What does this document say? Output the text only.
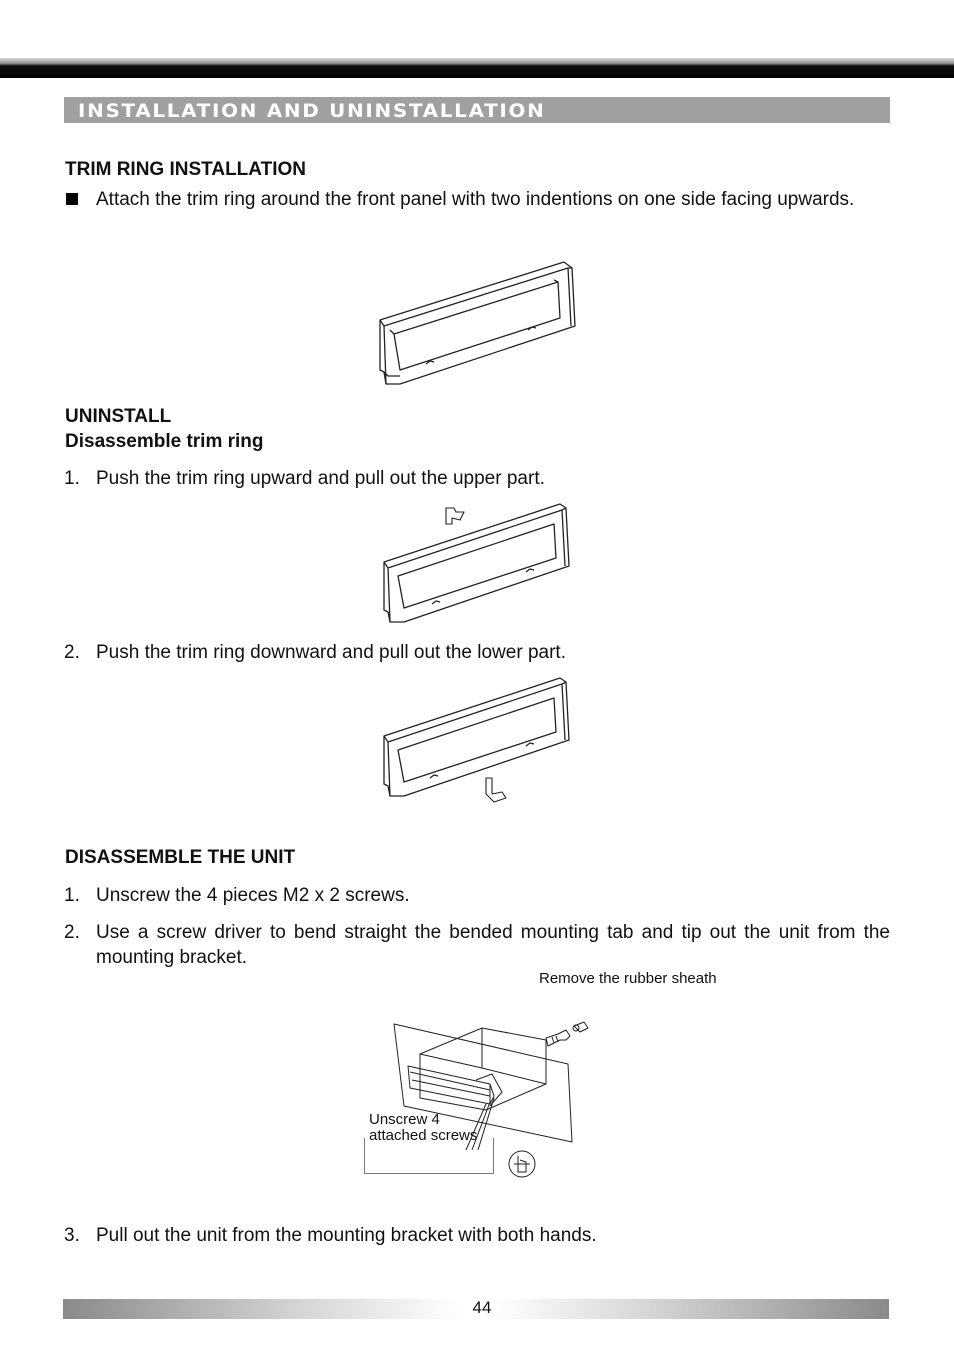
INSTALLATION AND UNINSTALLATION
TRIM RING INSTALLATION
Attach the trim ring around the front panel with two indentions on one side facing upwards.
UNINSTALL
Disassemble trim ring
1. Push the trim ring upward and pull out the upper part.
2. Push the trim ring downward and pull out the lower part.
DISASSEMBLE THE UNIT
1. Unscrew the 4 pieces M2 x 2 screws.
2. Use a screw driver to bend straight the bended mounting tab and tip out the unit from the mounting bracket.
Remove the rubber sheath
Unscrew 4
attached screws
3. Pull out the unit from the mounting bracket with both hands.
44
